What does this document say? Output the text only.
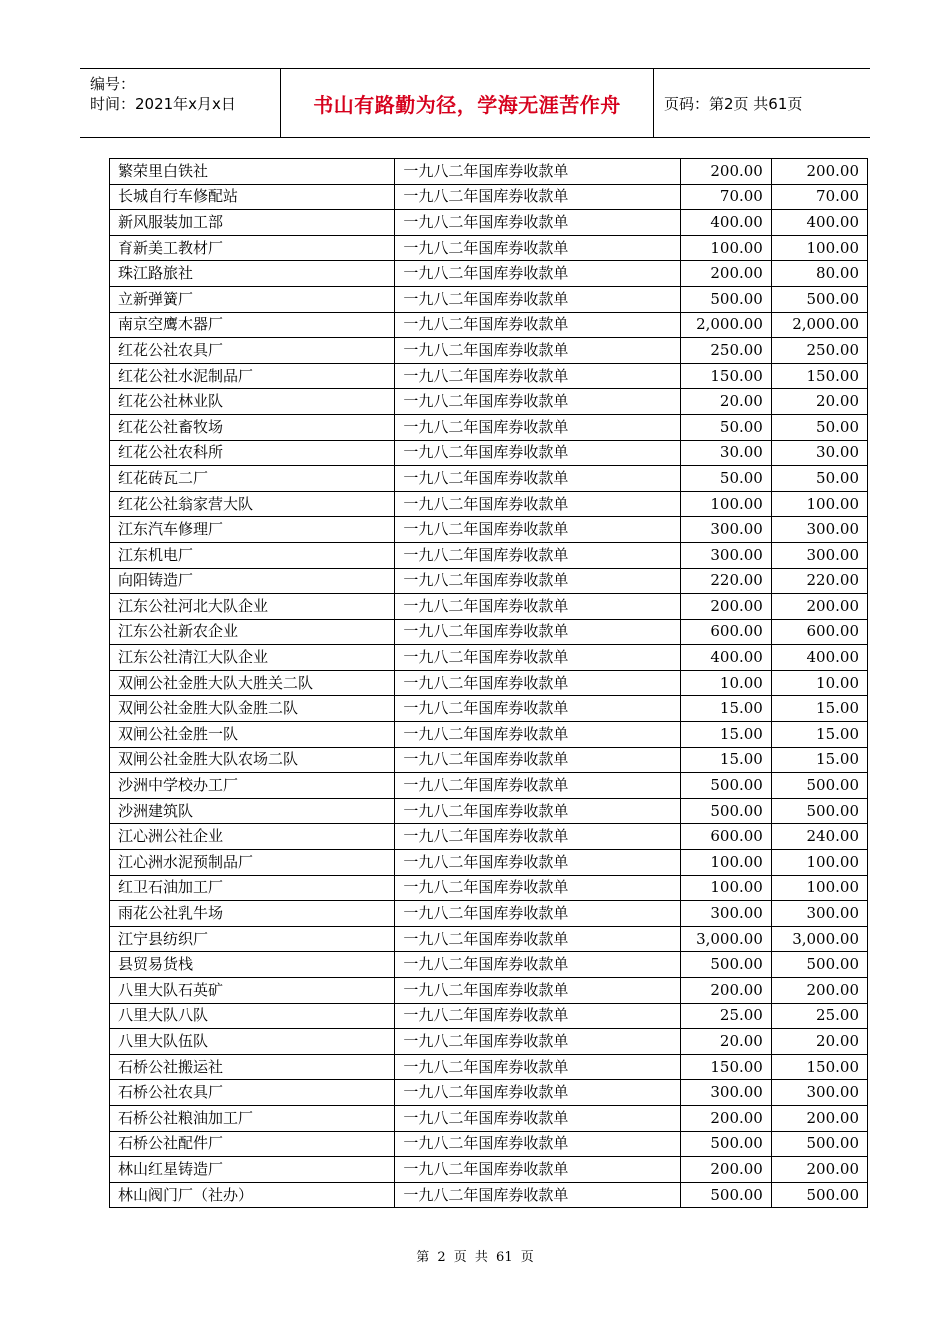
编号：
时间：2021年x月x日	书山有路勤为径，学海无涯苦作舟	页码：第2页 共61页
繁荣里白铁社	一九八二年国库券收款单	200.00	200.00
长城自行车修配站	一九八二年国库券收款单	70.00	70.00
新风服装加工部	一九八二年国库券收款单	400.00	400.00
育新美工教材厂	一九八二年国库券收款单	100.00	100.00
珠江路旅社	一九八二年国库券收款单	200.00	80.00
立新弹簧厂	一九八二年国库券收款单	500.00	500.00
南京空鹰木器厂	一九八二年国库券收款单	2,000.00	2,000.00
红花公社农具厂	一九八二年国库券收款单	250.00	250.00
红花公社水泥制品厂	一九八二年国库券收款单	150.00	150.00
红花公社林业队	一九八二年国库券收款单	20.00	20.00
红花公社畜牧场	一九八二年国库券收款单	50.00	50.00
红花公社农科所	一九八二年国库券收款单	30.00	30.00
红花砖瓦二厂	一九八二年国库券收款单	50.00	50.00
红花公社翁家营大队	一九八二年国库券收款单	100.00	100.00
江东汽车修理厂	一九八二年国库券收款单	300.00	300.00
江东机电厂	一九八二年国库券收款单	300.00	300.00
向阳铸造厂	一九八二年国库券收款单	220.00	220.00
江东公社河北大队企业	一九八二年国库券收款单	200.00	200.00
江东公社新农企业	一九八二年国库券收款单	600.00	600.00
江东公社清江大队企业	一九八二年国库券收款单	400.00	400.00
双闸公社金胜大队大胜关二队	一九八二年国库券收款单	10.00	10.00
双闸公社金胜大队金胜二队	一九八二年国库券收款单	15.00	15.00
双闸公社金胜一队	一九八二年国库券收款单	15.00	15.00
双闸公社金胜大队农场二队	一九八二年国库券收款单	15.00	15.00
沙洲中学校办工厂	一九八二年国库券收款单	500.00	500.00
沙洲建筑队	一九八二年国库券收款单	500.00	500.00
江心洲公社企业	一九八二年国库券收款单	600.00	240.00
江心洲水泥预制品厂	一九八二年国库券收款单	100.00	100.00
红卫石油加工厂	一九八二年国库券收款单	100.00	100.00
雨花公社乳牛场	一九八二年国库券收款单	300.00	300.00
江宁县纺织厂	一九八二年国库券收款单	3,000.00	3,000.00
县贸易货栈	一九八二年国库券收款单	500.00	500.00
八里大队石英矿	一九八二年国库券收款单	200.00	200.00
八里大队八队	一九八二年国库券收款单	25.00	25.00
八里大队伍队	一九八二年国库券收款单	20.00	20.00
石桥公社搬运社	一九八二年国库券收款单	150.00	150.00
石桥公社农具厂	一九八二年国库券收款单	300.00	300.00
石桥公社粮油加工厂	一九八二年国库券收款单	200.00	200.00
石桥公社配件厂	一九八二年国库券收款单	500.00	500.00
林山红星铸造厂	一九八二年国库券收款单	200.00	200.00
林山阀门厂（社办）	一九八二年国库券收款单	500.00	500.00
第 2 页 共 61 页
